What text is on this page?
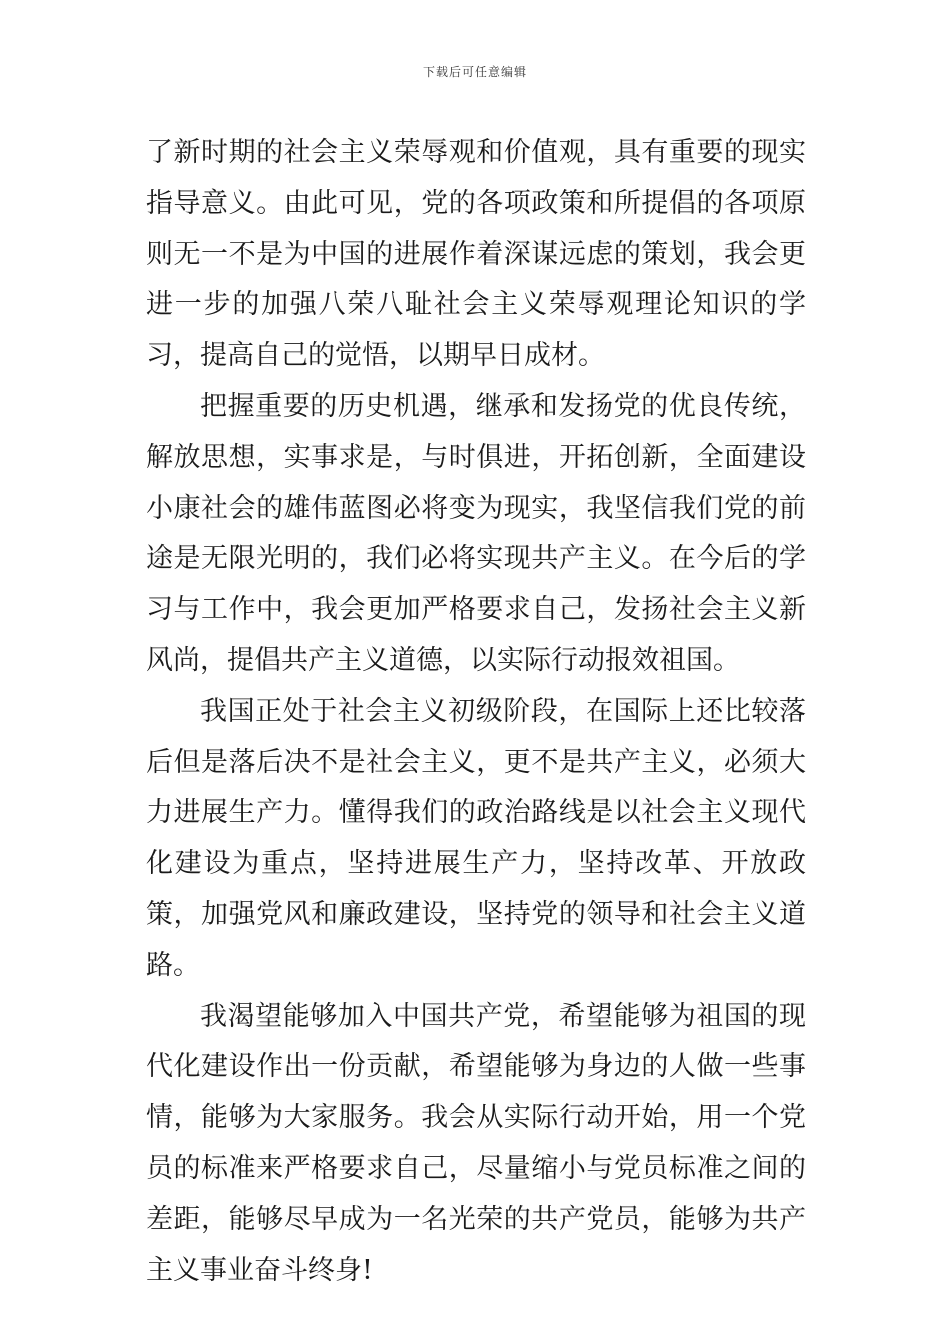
下载后可任意编辑

了新时期的社会主义荣辱观和价值观，具有重要的现实指导意义。由此可见，党的各项政策和所提倡的各项原则无一不是为中国的进展作着深谋远虑的策划，我会更进一步的加强八荣八耻社会主义荣辱观理论知识的学习，提高自己的觉悟，以期早日成材。

把握重要的历史机遇，继承和发扬党的优良传统，解放思想，实事求是，与时俱进，开拓创新，全面建设小康社会的雄伟蓝图必将变为现实，我坚信我们党的前途是无限光明的，我们必将实现共产主义。在今后的学习与工作中，我会更加严格要求自己，发扬社会主义新风尚，提倡共产主义道德，以实际行动报效祖国。

我国正处于社会主义初级阶段，在国际上还比较落后但是落后决不是社会主义，更不是共产主义，必须大力进展生产力。懂得我们的政治路线是以社会主义现代化建设为重点，坚持进展生产力，坚持改革、开放政策，加强党风和廉政建设，坚持党的领导和社会主义道路。

我渴望能够加入中国共产党，希望能够为祖国的现代化建设作出一份贡献，希望能够为身边的人做一些事情，能够为大家服务。我会从实际行动开始，用一个党员的标准来严格要求自己，尽量缩小与党员标准之间的差距，能够尽早成为一名光荣的共产党员，能够为共产主义事业奋斗终身!
